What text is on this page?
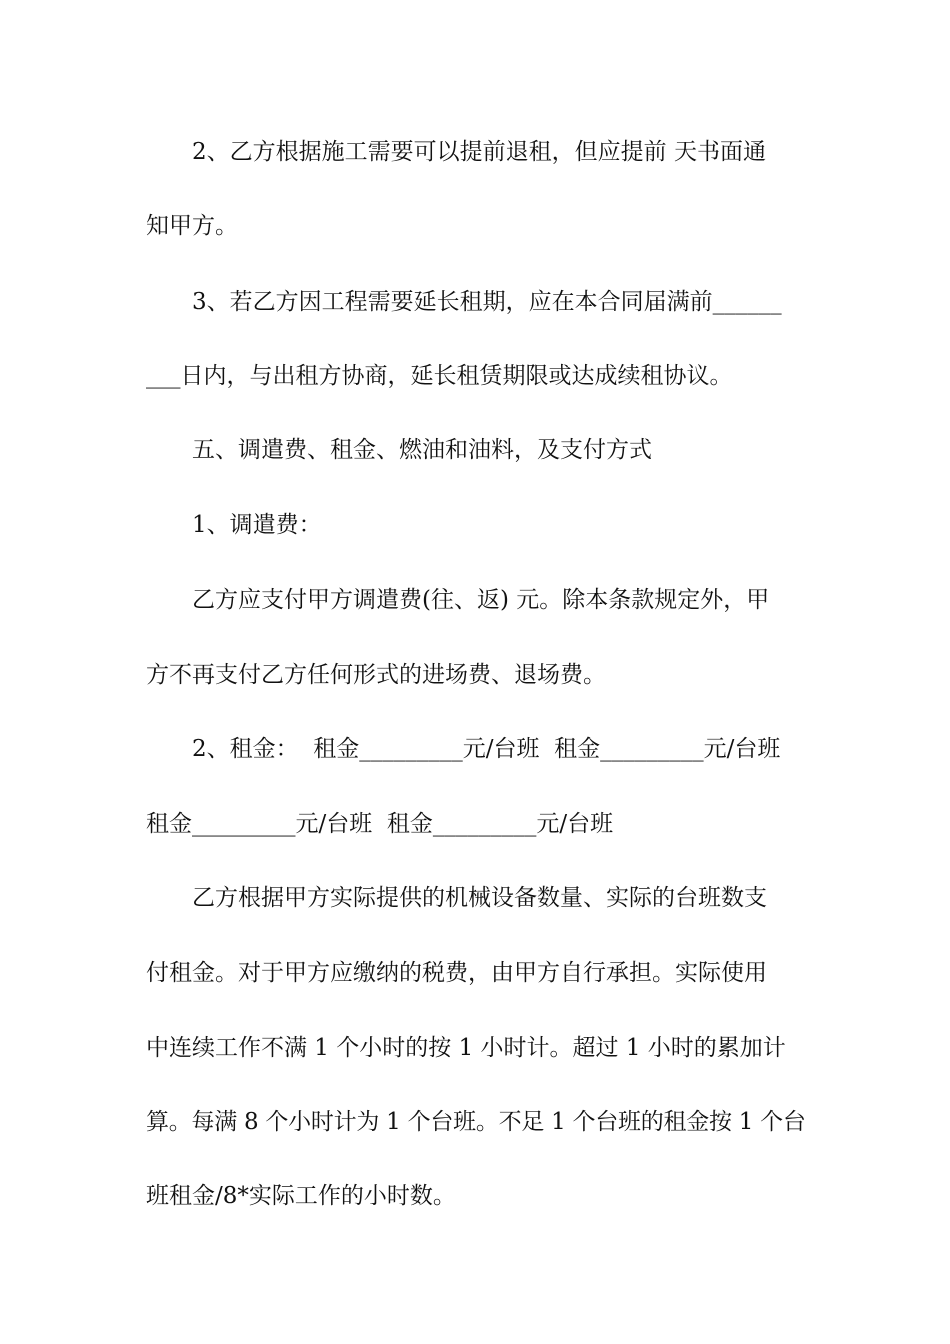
2、乙方根据施工需要可以提前退租，但应提前 天书面通
知甲方。
3、若乙方因工程需要延长租期，应在本合同届满前______
___日内，与出租方协商，延长租赁期限或达成续租协议。
五、调遣费、租金、燃油和油料，及支付方式
1、调遣费：
乙方应支付甲方调遣费(往、返) 元。除本条款规定外，甲
方不再支付乙方任何形式的进场费、退场费。
2、租金：  租金_________元/台班  租金_________元/台班
租金_________元/台班  租金_________元/台班
乙方根据甲方实际提供的机械设备数量、实际的台班数支
付租金。对于甲方应缴纳的税费，由甲方自行承担。实际使用
中连续工作不满 1 个小时的按 1 小时计。超过 1 小时的累加计
算。每满 8 个小时计为 1 个台班。不足 1 个台班的租金按 1 个台
班租金/8*实际工作的小时数。
